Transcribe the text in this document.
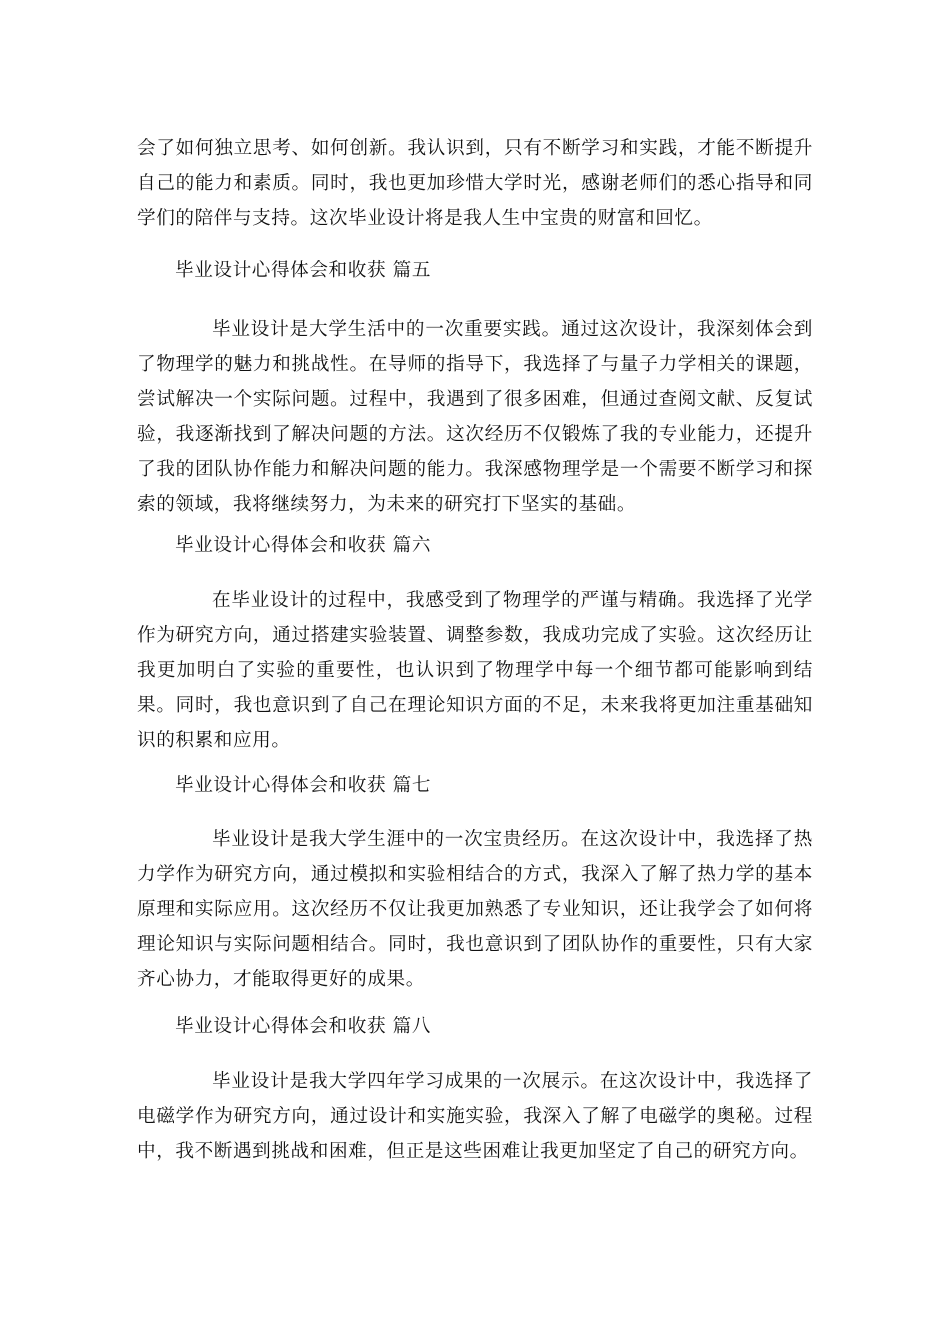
会了如何独立思考、如何创新。我认识到，只有不断学习和实践，才能不断提升自己的能力和素质。同时，我也更加珍惜大学时光，感谢老师们的悉心指导和同学们的陪伴与支持。这次毕业设计将是我人生中宝贵的财富和回忆。

毕业设计心得体会和收获 篇五

毕业设计是大学生活中的一次重要实践。通过这次设计，我深刻体会到了物理学的魅力和挑战性。在导师的指导下，我选择了与量子力学相关的课题，尝试解决一个实际问题。过程中，我遇到了很多困难，但通过查阅文献、反复试验，我逐渐找到了解决问题的方法。这次经历不仅锻炼了我的专业能力，还提升了我的团队协作能力和解决问题的能力。我深感物理学是一个需要不断学习和探索的领域，我将继续努力，为未来的研究打下坚实的基础。

毕业设计心得体会和收获 篇六

在毕业设计的过程中，我感受到了物理学的严谨与精确。我选择了光学作为研究方向，通过搭建实验装置、调整参数，我成功完成了实验。这次经历让我更加明白了实验的重要性，也认识到了物理学中每一个细节都可能影响到结果。同时，我也意识到了自己在理论知识方面的不足，未来我将更加注重基础知识的积累和应用。

毕业设计心得体会和收获 篇七

毕业设计是我大学生涯中的一次宝贵经历。在这次设计中，我选择了热力学作为研究方向，通过模拟和实验相结合的方式，我深入了解了热力学的基本原理和实际应用。这次经历不仅让我更加熟悉了专业知识，还让我学会了如何将理论知识与实际问题相结合。同时，我也意识到了团队协作的重要性，只有大家齐心协力，才能取得更好的成果。

毕业设计心得体会和收获 篇八

毕业设计是我大学四年学习成果的一次展示。在这次设计中，我选择了电磁学作为研究方向，通过设计和实施实验，我深入了解了电磁学的奥秘。过程中，我不断遇到挑战和困难，但正是这些困难让我更加坚定了自己的研究方向。
